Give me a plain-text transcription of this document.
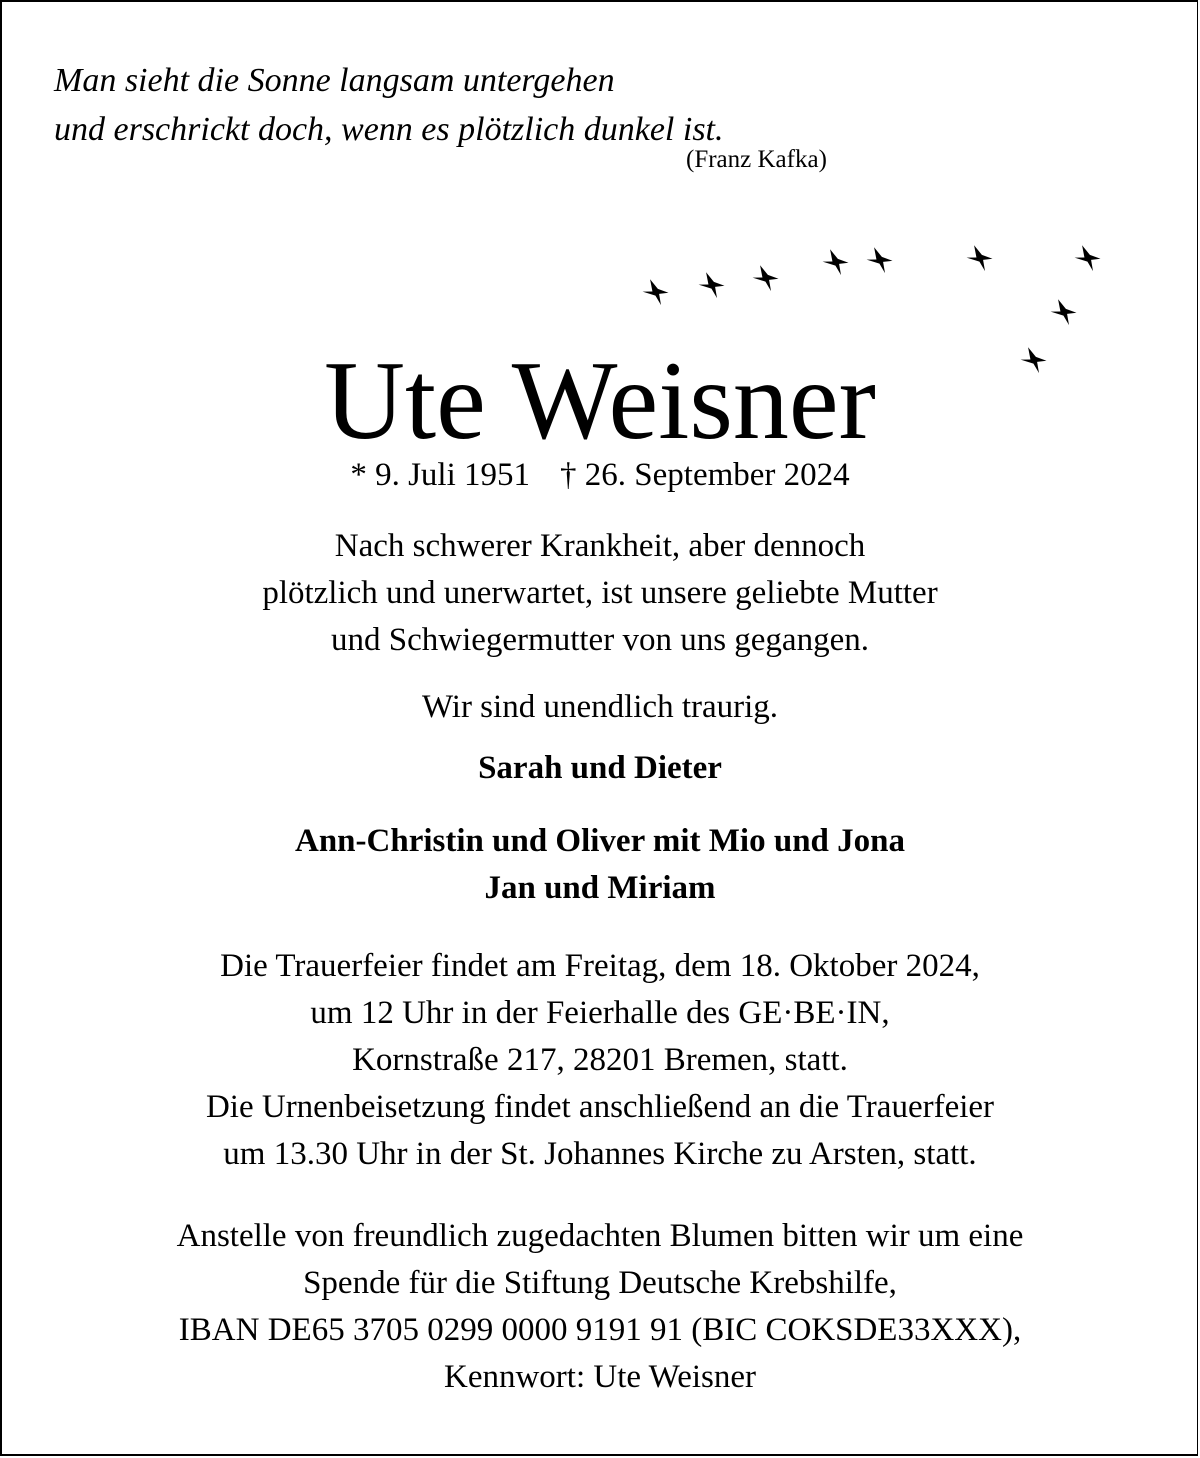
Man sieht die Sonne langsam untergehen
und erschrickt doch, wenn es plötzlich dunkel ist.
(Franz Kafka)
Ute Weisner
* 9. Juli 1951 † 26. September 2024
Nach schwerer Krankheit, aber dennoch
plötzlich und unerwartet, ist unsere geliebte Mutter
und Schwiegermutter von uns gegangen.
Wir sind unendlich traurig.
Sarah und Dieter
Ann-Christin und Oliver mit Mio und Jona
Jan und Miriam
Die Trauerfeier findet am Freitag, dem 18. Oktober 2024,
um 12 Uhr in der Feierhalle des GE·BE·IN,
Kornstraße 217, 28201 Bremen, statt.
Die Urnenbeisetzung findet anschließend an die Trauerfeier
um 13.30 Uhr in der St. Johannes Kirche zu Arsten, statt.
Anstelle von freundlich zugedachten Blumen bitten wir um eine
Spende für die Stiftung Deutsche Krebshilfe,
IBAN DE65 3705 0299 0000 9191 91 (BIC COKSDE33XXX),
Kennwort: Ute Weisner
